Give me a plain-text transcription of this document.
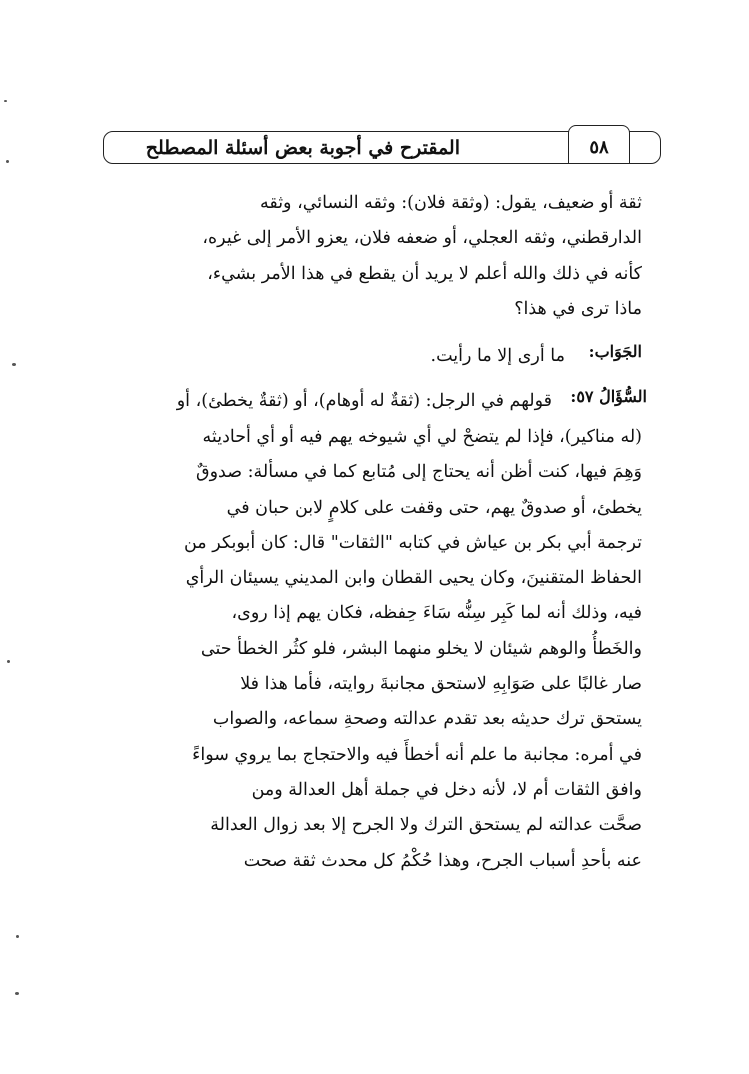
المقترح في أجوبة بعض أسئلة المصطلح	٥٨
ثقة أو ضعيف، يقول: (وثقة فلان): وثقه النسائي، وثقه
الدارقطني، وثقه العجلي، أو ضعفه فلان، يعزو الأمر إلى غيره،
كأنه في ذلك والله أعلم لا يريد أن يقطع في هذا الأمر بشيء،
ماذا ترى في هذا؟
الجَوَاب:
ما أرى إلا ما رأيت.
السُّؤَالُ ٥٧:
قولهم في الرجل: (ثقةٌ له أوهام)، أو (ثقةٌ يخطئ)، أو
(له مناكير)، فإذا لم يتضحْ لي أي شيوخه يهم فيه أو أي أحاديثه
وَهِمَ فيها، كنت أظن أنه يحتاج إلى مُتابع كما في مسألة: صدوقٌ
يخطئ، أو صدوقٌ يهم، حتى وقفت على كلامٍ لابن حبان في
ترجمة أبي بكر بن عياش في كتابه "الثقات" قال: كان أبوبكر من
الحفاظ المتقنينَ، وكان يحيى القطان وابن المديني يسيئان الرأي
فيه، وذلك أنه لما كَبِر سِنُّه سَاءَ حِفظه، فكان يهم إذا روى،
والخَطأُ والوهم شيئان لا يخلو منهما البشر، فلو كثُر الخطأ حتى
صار غالبًا على صَوَابِهِ لاستحق مجانبةَ روايته، فأما هذا فلا
يستحق ترك حديثه بعد تقدم عدالته وصحةِ سماعه، والصواب
في أمره: مجانبة ما علم أنه أخطأَ فيه والاحتجاج بما يروي سواءً
وافق الثقات أم لا، لأنه دخل في جملة أهل العدالة ومن
صحَّت عدالته لم يستحق الترك ولا الجرح إلا بعد زوال العدالة
عنه بأحدِ أسباب الجرح، وهذا حُكْمُ كل محدث ثقة صحت
